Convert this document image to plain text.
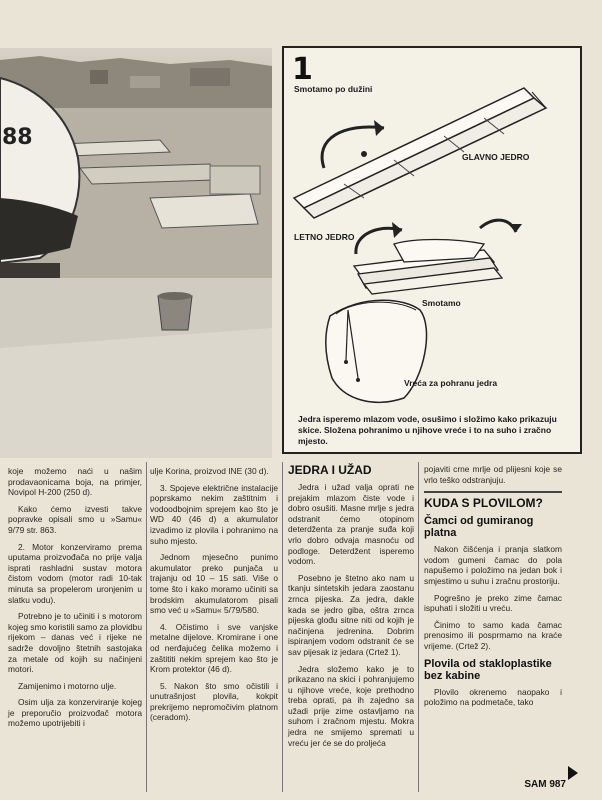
88
1
Smotamo po dužini
GLAVNO JEDRO
LETNO JEDRO
Smotamo
Vreća za pohranu jedra
Jedra isperemo mlazom vode, osušimo i složimo kako prikazuju skice. Složena pohranimo u njihove vreće i to na suho i zračno mjesto.

koje možemo naći u našim prodavaonicama boja, na primjer, Novipol H-200 (250 d).

Kako ćemo izvesti takve popravke opisali smo u »Samu« 9/79 str. 863.

2. Motor konzerviramo prema uputama proizvođača no prije valja isprati rashladni sustav motora čistom vodom (motor radi 10-tak minuta sa propelerom uronjenim u slatku vodu).

Potrebno je to učiniti i s motorom kojeg smo koristili samo za plovidbu rijekom – danas već i rijeke ne sadrže dovoljno štetnih sastojaka za metale od kojih su načinjeni motori.

Zamijenimo i motorno ulje.

Osim ulja za konzerviranje kojeg je preporučio proizvođač motora možemo upotrijebiti i

ulje Korina, proizvod INE (30 d).

3. Spojeve električne instalacije poprskamo nekim zaštitnim i vodoodbojnim sprejem kao što je WD 40 (46 d) a akumulator izvadimo iz plovila i pohranimo na suho mjesto.

Jednom mjesečno punimo akumulator preko punjača u trajanju od 10 – 15 sati. Više o tome što i kako moramo učiniti sa brodskim akumulatorom pisali smo već u »Samu« 5/79/580.

4. Očistimo i sve vanjske metalne dijelove. Kromirane i one od nerđajućeg čelika možemo i zaštititi nekim sprejem kao što je Krom protektor (46 d).

5. Nakon što smo očistili i unutrašnjost plovila, kokpit prekrijemo nepromočivim platnom (ceradom).

JEDRA I UŽAD

Jedra i užad valja oprati ne prejakim mlazom čiste vode i dobro osušiti. Masne mrlje s jedra odstranit ćemo otopinom deterdženta za pranje suđa koji vrlo dobro odvaja masnoću od podloge. Deterdžent isperemo vodom.

Posebno je štetno ako nam u tkanju sintetskih jedara zaostanu zrnca pijeska. Za jedra, dakle kada se jedro giba, oštra zrnca pijeska glođu sitne niti od kojih je načinjena jedrenina. Dobrim ispiranjem vodom odstranit će se sav pijesak iz jedara (Crtež 1).

Jedra složemo kako je to prikazano na skici i pohranjujemo u njihove vreće, koje prethodno treba oprati, pa ih zajedno sa užadi prije zime ostavljamo na suhom i zračnom mjestu. Mokra jedra ne smijemo spremati u vreću jer će se do proljeća

pojaviti crne mrlje od plijesni koje se vrlo teško odstranjuju.

KUDA S PLOVILOM?
Čamci od gumiranog platna

Nakon čišćenja i pranja slatkom vodom gumeni čamac do pola napušemo i položimo na jedan bok i smjestimo u suhu i zračnu prostoriju.

Pogrešno je preko zime čamac ispuhati i složiti u vreću.

Činimo to samo kada čamac prenosimo ili posprmamo na kraće vrijeme. (Crtež 2).

Plovila od stakloplastike bez kabine

Plovilo okrenemo naopako i položimo na podmetače, tako

SAM 987
